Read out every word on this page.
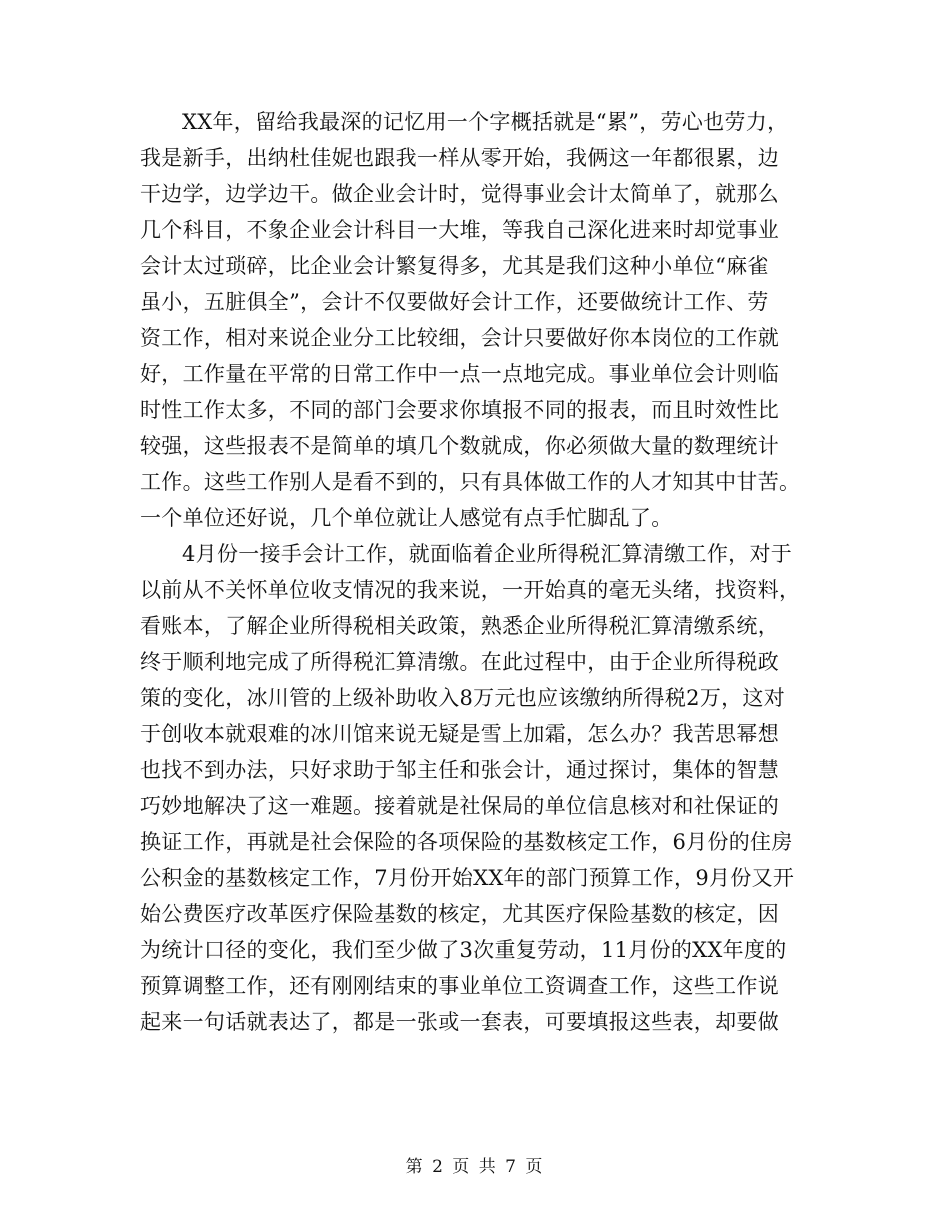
XX年，留给我最深的记忆用一个字概括就是“累”，劳心也劳力，
我是新手，出纳杜佳妮也跟我一样从零开始，我俩这一年都很累，边
干边学，边学边干。做企业会计时，觉得事业会计太简单了，就那么
几个科目，不象企业会计科目一大堆，等我自己深化进来时却觉事业
会计太过琐碎，比企业会计繁复得多，尤其是我们这种小单位“麻雀
虽小，五脏俱全”，会计不仅要做好会计工作，还要做统计工作、劳
资工作，相对来说企业分工比较细，会计只要做好你本岗位的工作就
好，工作量在平常的日常工作中一点一点地完成。事业单位会计则临
时性工作太多，不同的部门会要求你填报不同的报表，而且时效性比
较强，这些报表不是简单的填几个数就成，你必须做大量的数理统计
工作。这些工作别人是看不到的，只有具体做工作的人才知其中甘苦。
一个单位还好说，几个单位就让人感觉有点手忙脚乱了。
4月份一接手会计工作，就面临着企业所得税汇算清缴工作，对于
以前从不关怀单位收支情况的我来说，一开始真的毫无头绪，找资料，
看账本，了解企业所得税相关政策，熟悉企业所得税汇算清缴系统，
终于顺利地完成了所得税汇算清缴。在此过程中，由于企业所得税政
策的变化，冰川管的上级补助收入8万元也应该缴纳所得税2万，这对
于创收本就艰难的冰川馆来说无疑是雪上加霜，怎么办？我苦思幂想
也找不到办法，只好求助于邹主任和张会计，通过探讨，集体的智慧
巧妙地解决了这一难题。接着就是社保局的单位信息核对和社保证的
换证工作，再就是社会保险的各项保险的基数核定工作，6月份的住房
公积金的基数核定工作，7月份开始XX年的部门预算工作，9月份又开
始公费医疗改革医疗保险基数的核定，尤其医疗保险基数的核定，因
为统计口径的变化，我们至少做了3次重复劳动，11月份的XX年度的
预算调整工作，还有刚刚结束的事业单位工资调查工作，这些工作说
起来一句话就表达了，都是一张或一套表，可要填报这些表，却要做
第 2 页 共 7 页
